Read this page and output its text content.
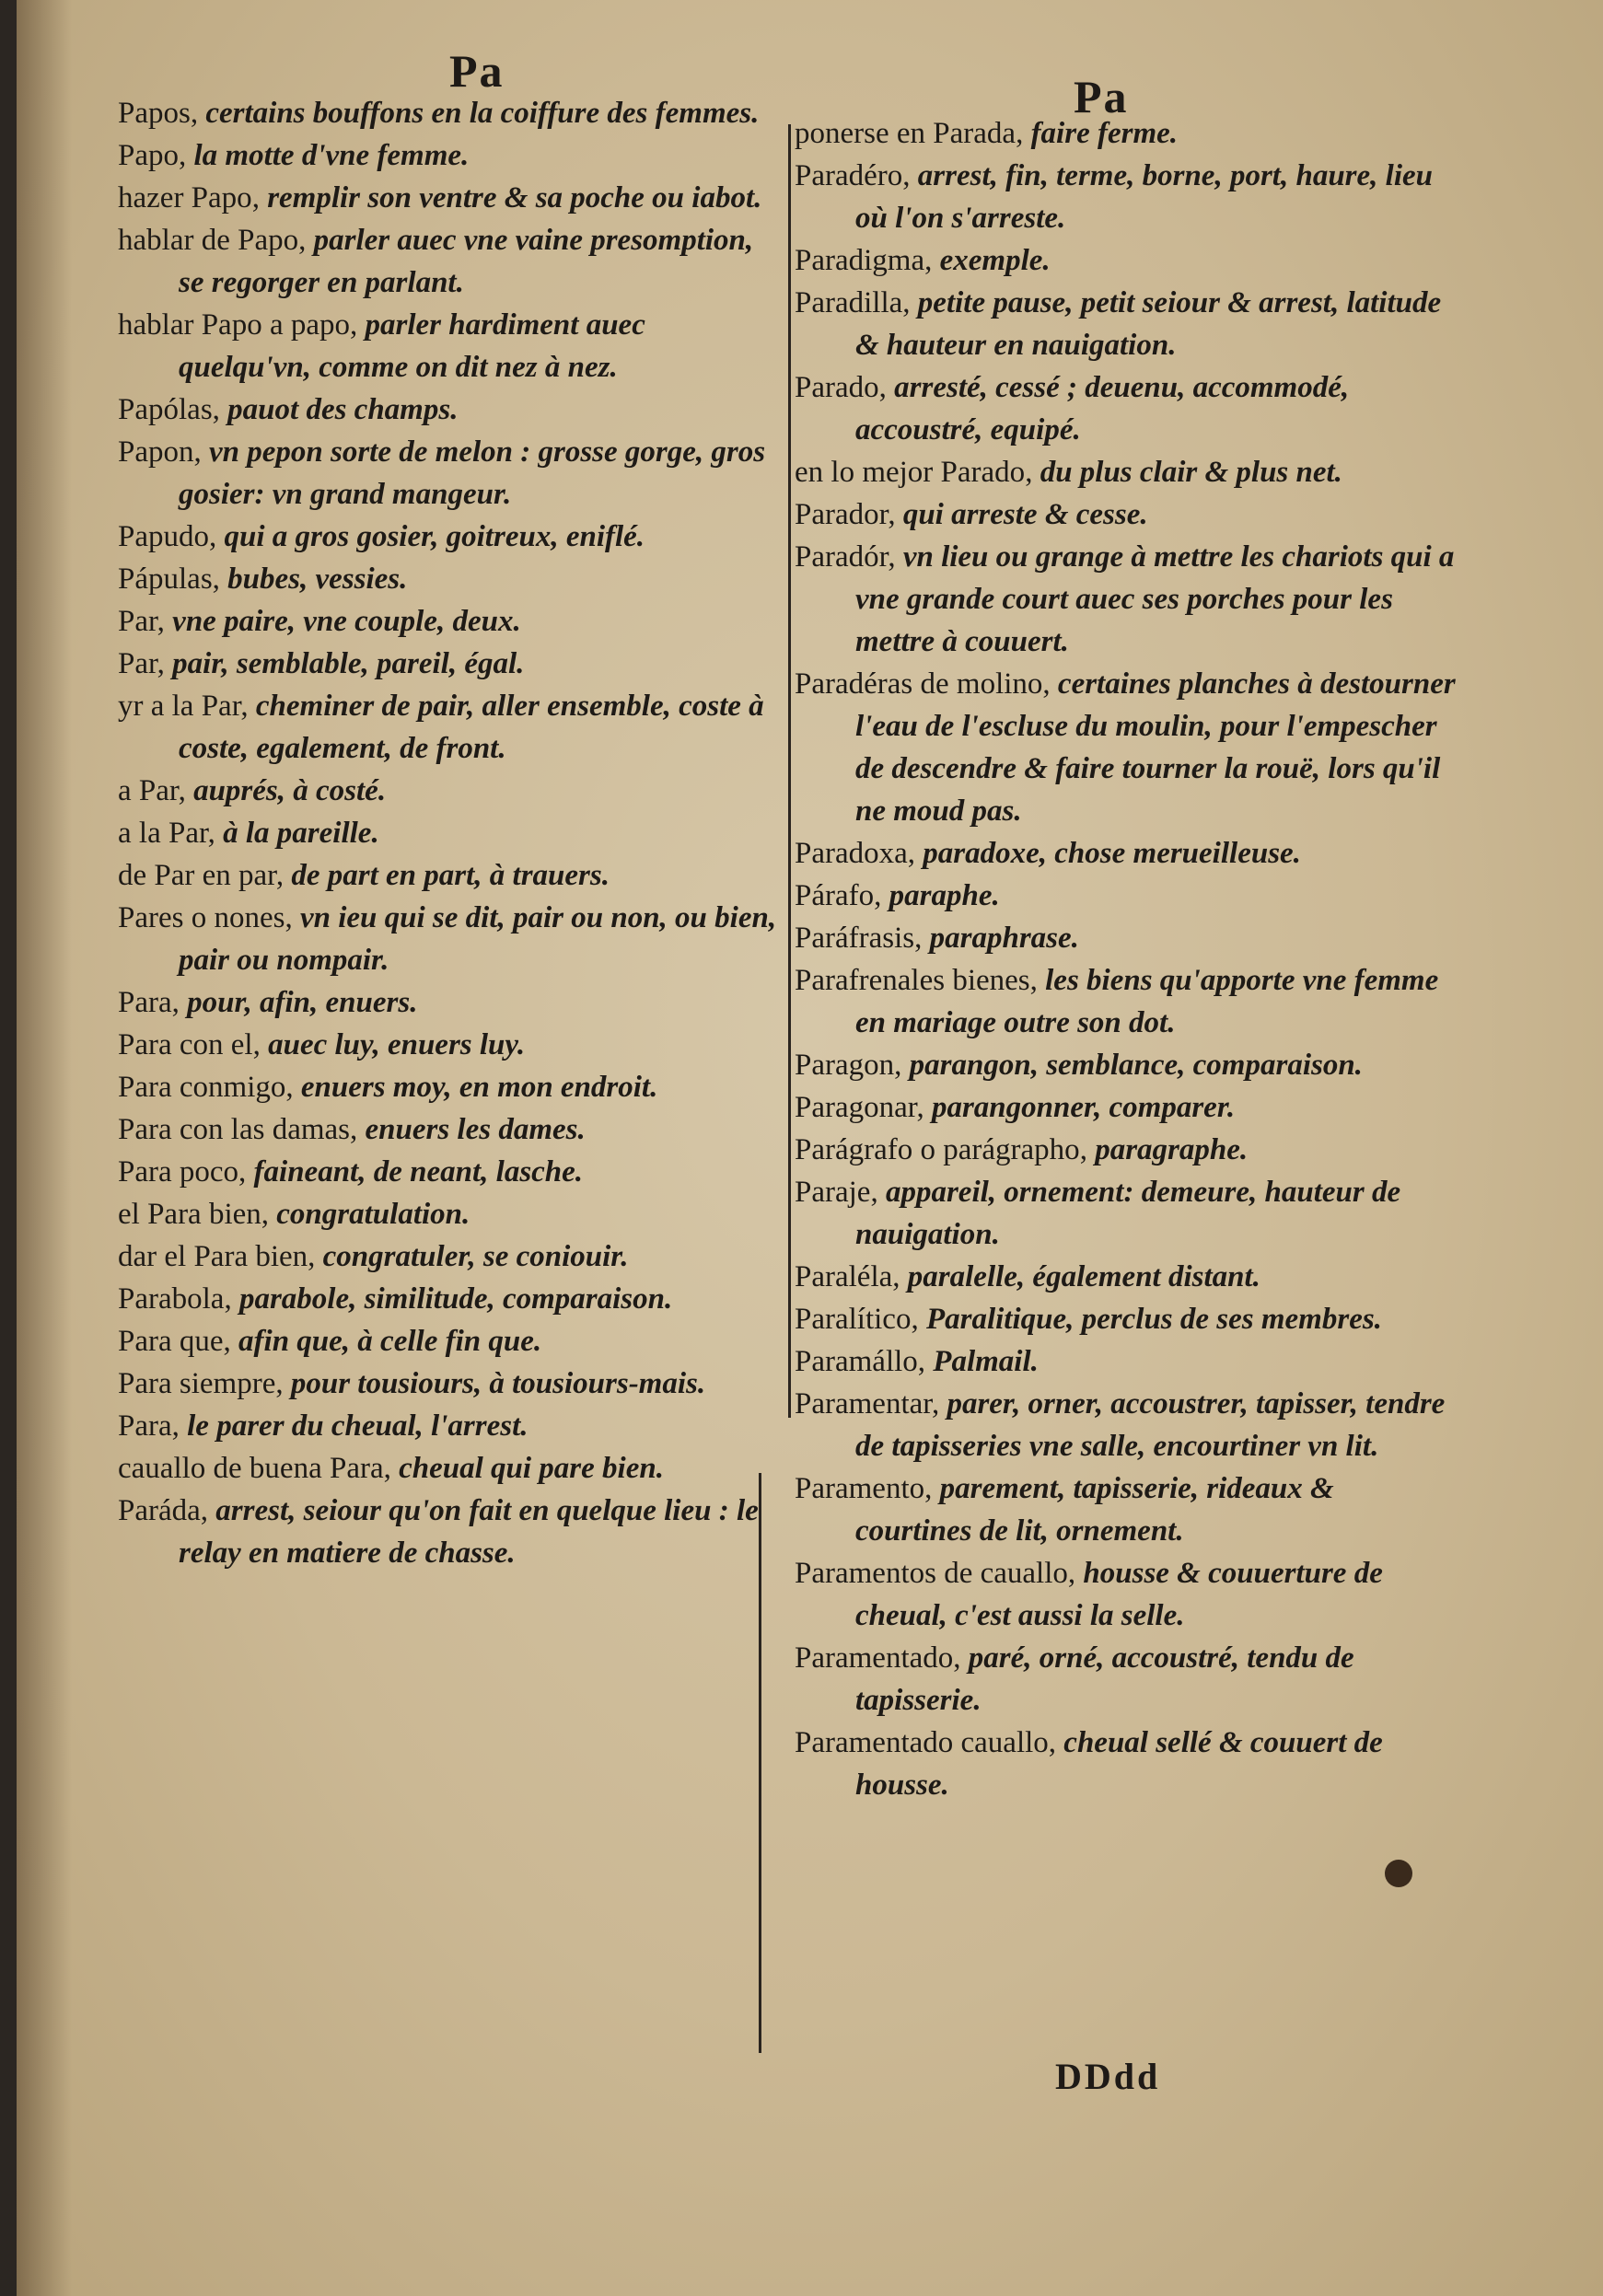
Pa	Pa

Papos, certains bouffons en la coiffure des femmes.

Papo, la motte d'vne femme.

hazer Papo, remplir son ventre & sa poche ou iabot.

hablar de Papo, parler auec vne vaine presomption, se regorger en parlant.

hablar Papo a papo, parler hardiment auec quelqu'vn, comme on dit nez à nez.

Papólas, pauot des champs.

Papon, vn pepon sorte de melon : grosse gorge, gros gosier: vn grand mangeur.

Papudo, qui a gros gosier, goitreux, eniflé.

Pápulas, bubes, vessies.

Par, vne paire, vne couple, deux.

Par, pair, semblable, pareil, égal.

yr a la Par, cheminer de pair, aller ensemble, coste à coste, egalement, de front.

a Par, auprés, à costé.

a la Par, à la pareille.

de Par en par, de part en part, à trauers.

Pares o nones, vn ieu qui se dit, pair ou non, ou bien, pair ou nompair.

Para, pour, afin, enuers.

Para con el, auec luy, enuers luy.

Para conmigo, enuers moy, en mon endroit.

Para con las damas, enuers les dames.

Para poco, faineant, de neant, lasche.

el Para bien, congratulation.

dar el Para bien, congratuler, se coniouir.

Parabola, parabole, similitude, comparaison.

Para que, afin que, à celle fin que.

Para siempre, pour tousiours, à tousiours-mais.

Para, le parer du cheual, l'arrest.

cauallo de buena Para, cheual qui pare bien.

Paráda, arrest, seiour qu'on fait en quelque lieu : le relay en matiere de chasse.

ponerse en Parada, faire ferme.

Paradéro, arrest, fin, terme, borne, port, haure, lieu où l'on s'arreste.

Paradigma, exemple.

Paradilla, petite pause, petit seiour & arrest, latitude & hauteur en nauigation.

Parado, arresté, cessé ; deuenu, accommodé, accoustré, equipé.

en lo mejor Parado, du plus clair & plus net.

Parador, qui arreste & cesse.

Paradór, vn lieu ou grange à mettre les chariots qui a vne grande court auec ses porches pour les mettre à couuert.

Paradéras de molino, certaines planches à destourner l'eau de l'escluse du moulin, pour l'empescher de descendre & faire tourner la rouë, lors qu'il ne moud pas.

Paradoxa, paradoxe, chose merueilleuse.

Párafo, paraphe.

Paráfrasis, paraphrase.

Parafrenales bienes, les biens qu'apporte vne femme en mariage outre son dot.

Paragon, parangon, semblance, comparaison.

Paragonar, parangonner, comparer.

Parágrafo o parágrapho, paragraphe.

Paraje, appareil, ornement: demeure, hauteur de nauigation.

Paraléla, paralelle, également distant.

Paralítico, Paralitique, perclus de ses membres.

Paramállo, Palmail.

Paramentar, parer, orner, accoustrer, tapisser, tendre de tapisseries vne salle, encourtiner vn lit.

Paramento, parement, tapisserie, rideaux & courtines de lit, ornement.

Paramentos de cauallo, housse & couuerture de cheual, c'est aussi la selle.

Paramentado, paré, orné, accoustré, tendu de tapisserie.

Paramentado cauallo, cheual sellé & couuert de housse.

DDdd
